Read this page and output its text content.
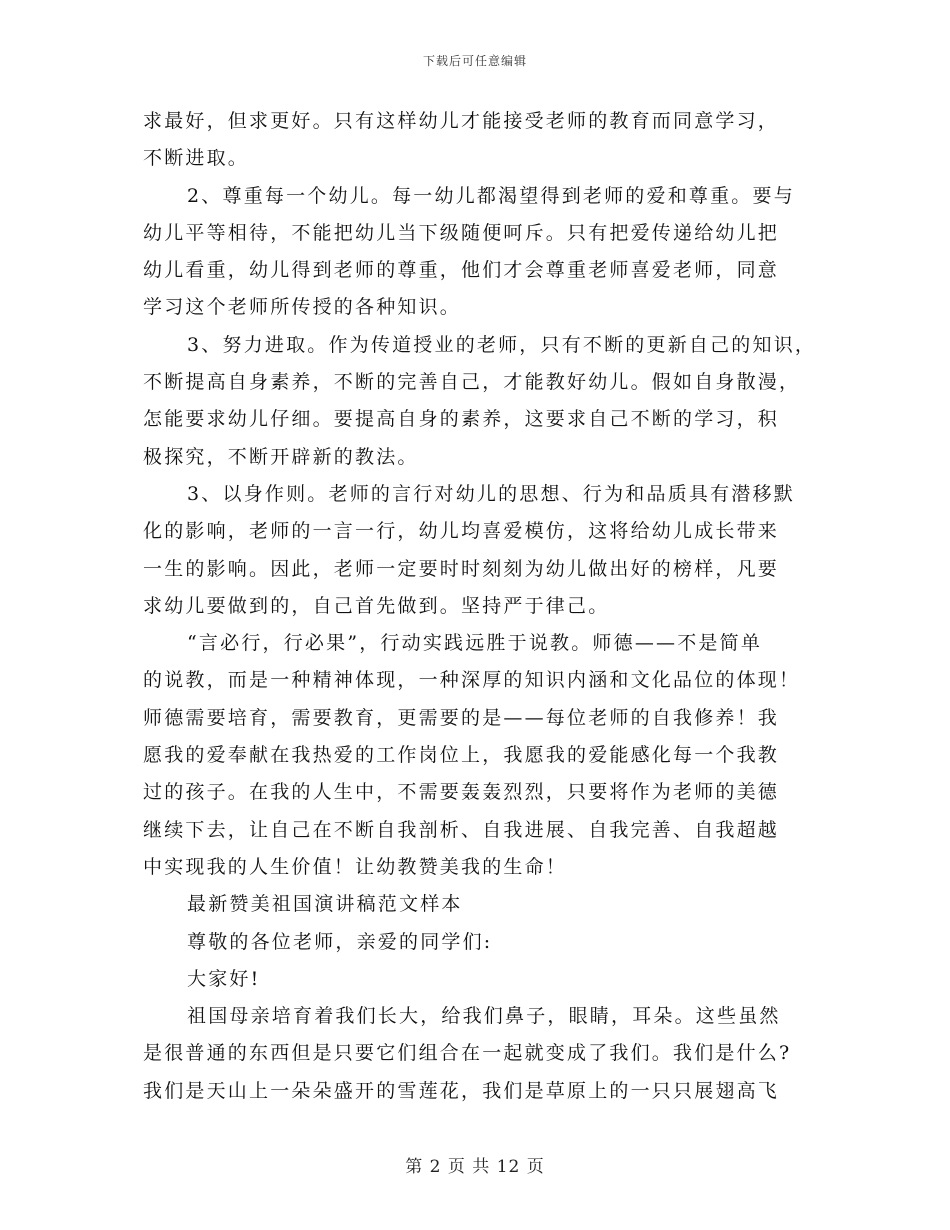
下载后可任意编辑
求最好，但求更好。只有这样幼儿才能接受老师的教育而同意学习，
不断进取。
2、尊重每一个幼儿。每一幼儿都渴望得到老师的爱和尊重。要与
幼儿平等相待，不能把幼儿当下级随便呵斥。只有把爱传递给幼儿把
幼儿看重，幼儿得到老师的尊重，他们才会尊重老师喜爱老师，同意
学习这个老师所传授的各种知识。
3、努力进取。作为传道授业的老师，只有不断的更新自己的知识，
不断提高自身素养，不断的完善自己，才能教好幼儿。假如自身散漫，
怎能要求幼儿仔细。要提高自身的素养，这要求自己不断的学习，积
极探究，不断开辟新的教法。
3、以身作则。老师的言行对幼儿的思想、行为和品质具有潜移默
化的影响，老师的一言一行，幼儿均喜爱模仿，这将给幼儿成长带来
一生的影响。因此，老师一定要时时刻刻为幼儿做出好的榜样，凡要
求幼儿要做到的，自己首先做到。坚持严于律己。
“言必行，行必果”，行动实践远胜于说教。师德——不是简单
的说教，而是一种精神体现，一种深厚的知识内涵和文化品位的体现！
师德需要培育，需要教育，更需要的是——每位老师的自我修养！我
愿我的爱奉献在我热爱的工作岗位上，我愿我的爱能感化每一个我教
过的孩子。在我的人生中，不需要轰轰烈烈，只要将作为老师的美德
继续下去，让自己在不断自我剖析、自我进展、自我完善、自我超越
中实现我的人生价值！让幼教赞美我的生命！
最新赞美祖国演讲稿范文样本
尊敬的各位老师，亲爱的同学们:
大家好!
祖国母亲培育着我们长大，给我们鼻子，眼睛，耳朵。这些虽然
是很普通的东西但是只要它们组合在一起就变成了我们。我们是什么?
我们是天山上一朵朵盛开的雪莲花，我们是草原上的一只只展翅高飞
第 2 页 共 12 页
